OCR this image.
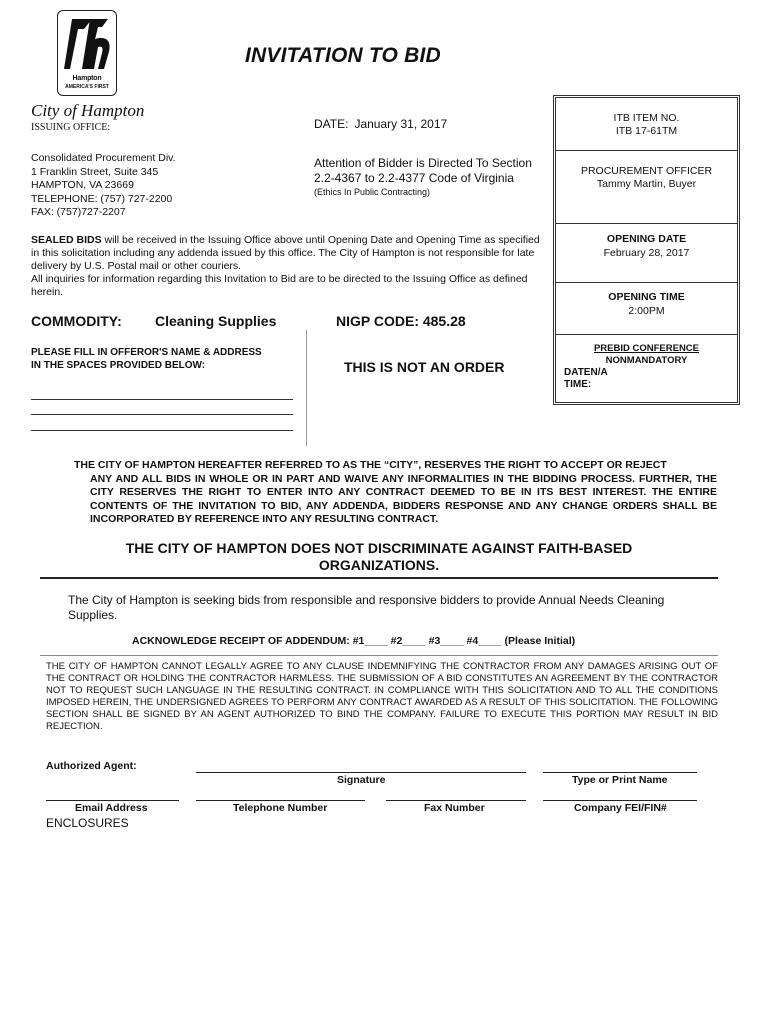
Hampton
AMERICA'S FIRST
INVITATION TO BID
City of Hampton
ISSUING OFFICE:
Consolidated Procurement Div.
1 Franklin Street, Suite 345
HAMPTON, VA 23669
TELEPHONE: (757) 727-2200
FAX: (757)727-2207
DATE: January 31, 2017
Attention of Bidder is Directed To Section
2.2-4367 to 2.2-4377 Code of Virginia
(Ethics In Public Contracting)
SEALED BIDS will be received in the Issuing Office above until Opening Date and Opening Time as specified in this solicitation including any addenda issued by this office. The City of Hampton is not responsible for late delivery by U.S. Postal mail or other couriers.
All inquiries for information regarding this Invitation to Bid are to be directed to the Issuing Office as defined herein.
COMMODITY: Cleaning Supplies	NIGP CODE: 485.28
PLEASE FILL IN OFFEROR'S NAME & ADDRESS
IN THE SPACES PROVIDED BELOW:	THIS IS NOT AN ORDER
ITB ITEM NO.
ITB 17-61TM
PROCUREMENT OFFICER
Tammy Martin, Buyer
OPENING DATE
February 28, 2017
OPENING TIME
2:00PM
PREBID CONFERENCE
NONMANDATORY
DATEN/A
TIME:
THE CITY OF HAMPTON HEREAFTER REFERRED TO AS THE “CITY”, RESERVES THE RIGHT TO ACCEPT OR REJECT
ANY AND ALL BIDS IN WHOLE OR IN PART AND WAIVE ANY INFORMALITIES IN THE BIDDING PROCESS. FURTHER, THE CITY RESERVES THE RIGHT TO ENTER INTO ANY CONTRACT DEEMED TO BE IN ITS BEST INTEREST. THE ENTIRE CONTENTS OF THE INVITATION TO BID, ANY ADDENDA, BIDDERS RESPONSE AND ANY CHANGE ORDERS SHALL BE INCORPORATED BY REFERENCE INTO ANY RESULTING CONTRACT.
THE CITY OF HAMPTON DOES NOT DISCRIMINATE AGAINST FAITH-BASED
ORGANIZATIONS.
The City of Hampton is seeking bids from responsible and responsive bidders to provide Annual Needs Cleaning Supplies.
ACKNOWLEDGE RECEIPT OF ADDENDUM: #1____ #2____ #3____ #4____ (Please Initial)
THE CITY OF HAMPTON CANNOT LEGALLY AGREE TO ANY CLAUSE INDEMNIFYING THE CONTRACTOR FROM ANY DAMAGES ARISING OUT OF THE CONTRACT OR HOLDING THE CONTRACTOR HARMLESS. THE SUBMISSION OF A BID CONSTITUTES AN AGREEMENT BY THE CONTRACTOR NOT TO REQUEST SUCH LANGUAGE IN THE RESULTING CONTRACT. IN COMPLIANCE WITH THIS SOLICITATION AND TO ALL THE CONDITIONS IMPOSED HEREIN, THE UNDERSIGNED AGREES TO PERFORM ANY CONTRACT AWARDED AS A RESULT OF THIS SOLICITATION. THE FOLLOWING SECTION SHALL BE SIGNED BY AN AGENT AUTHORIZED TO BIND THE COMPANY. FAILURE TO EXECUTE THIS PORTION MAY RESULT IN BID REJECTION.
Authorized Agent:
Signature	Type or Print Name
Email Address	Telephone Number	Fax Number	Company FEI/FIN#
ENCLOSURES
